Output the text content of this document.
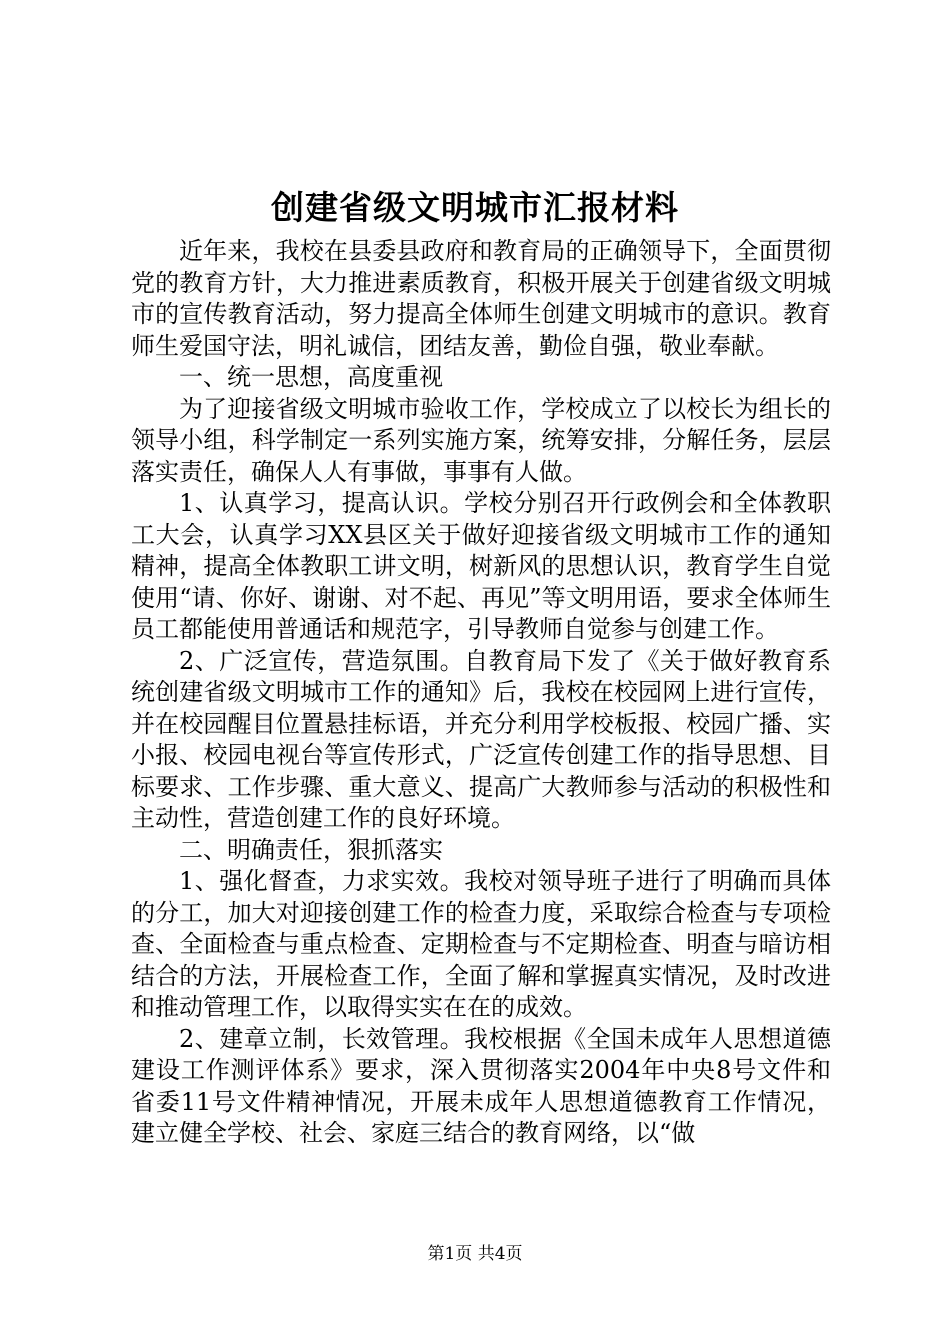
创建省级文明城市汇报材料

近年来，我校在县委县政府和教育局的正确领导下，全面贯彻党的教育方针，大力推进素质教育，积极开展关于创建省级文明城市的宣传教育活动，努力提高全体师生创建文明城市的意识。教育师生爱国守法，明礼诚信，团结友善，勤俭自强，敬业奉献。

一、统一思想，高度重视

为了迎接省级文明城市验收工作，学校成立了以校长为组长的领导小组，科学制定一系列实施方案，统筹安排，分解任务，层层落实责任，确保人人有事做，事事有人做。

1、认真学习，提高认识。学校分别召开行政例会和全体教职工大会，认真学习XX县区关于做好迎接省级文明城市工作的通知精神，提高全体教职工讲文明，树新风的思想认识，教育学生自觉使用“请、你好、谢谢、对不起、再见”等文明用语，要求全体师生员工都能使用普通话和规范字，引导教师自觉参与创建工作。

2、广泛宣传，营造氛围。自教育局下发了《关于做好教育系统创建省级文明城市工作的通知》后，我校在校园网上进行宣传，并在校园醒目位置悬挂标语，并充分利用学校板报、校园广播、实小报、校园电视台等宣传形式，广泛宣传创建工作的指导思想、目标要求、工作步骤、重大意义、提高广大教师参与活动的积极性和主动性，营造创建工作的良好环境。

二、明确责任，狠抓落实

1、强化督查，力求实效。我校对领导班子进行了明确而具体的分工，加大对迎接创建工作的检查力度，采取综合检查与专项检查、全面检查与重点检查、定期检查与不定期检查、明查与暗访相结合的方法，开展检查工作，全面了解和掌握真实情况，及时改进和推动管理工作，以取得实实在在的成效。

2、建章立制，长效管理。我校根据《全国未成年人思想道德建设工作测评体系》要求，深入贯彻落实2004年中央8号文件和省委11号文件精神情况，开展未成年人思想道德教育工作情况，建立健全学校、社会、家庭三结合的教育网络，以“做

第1页 共4页
